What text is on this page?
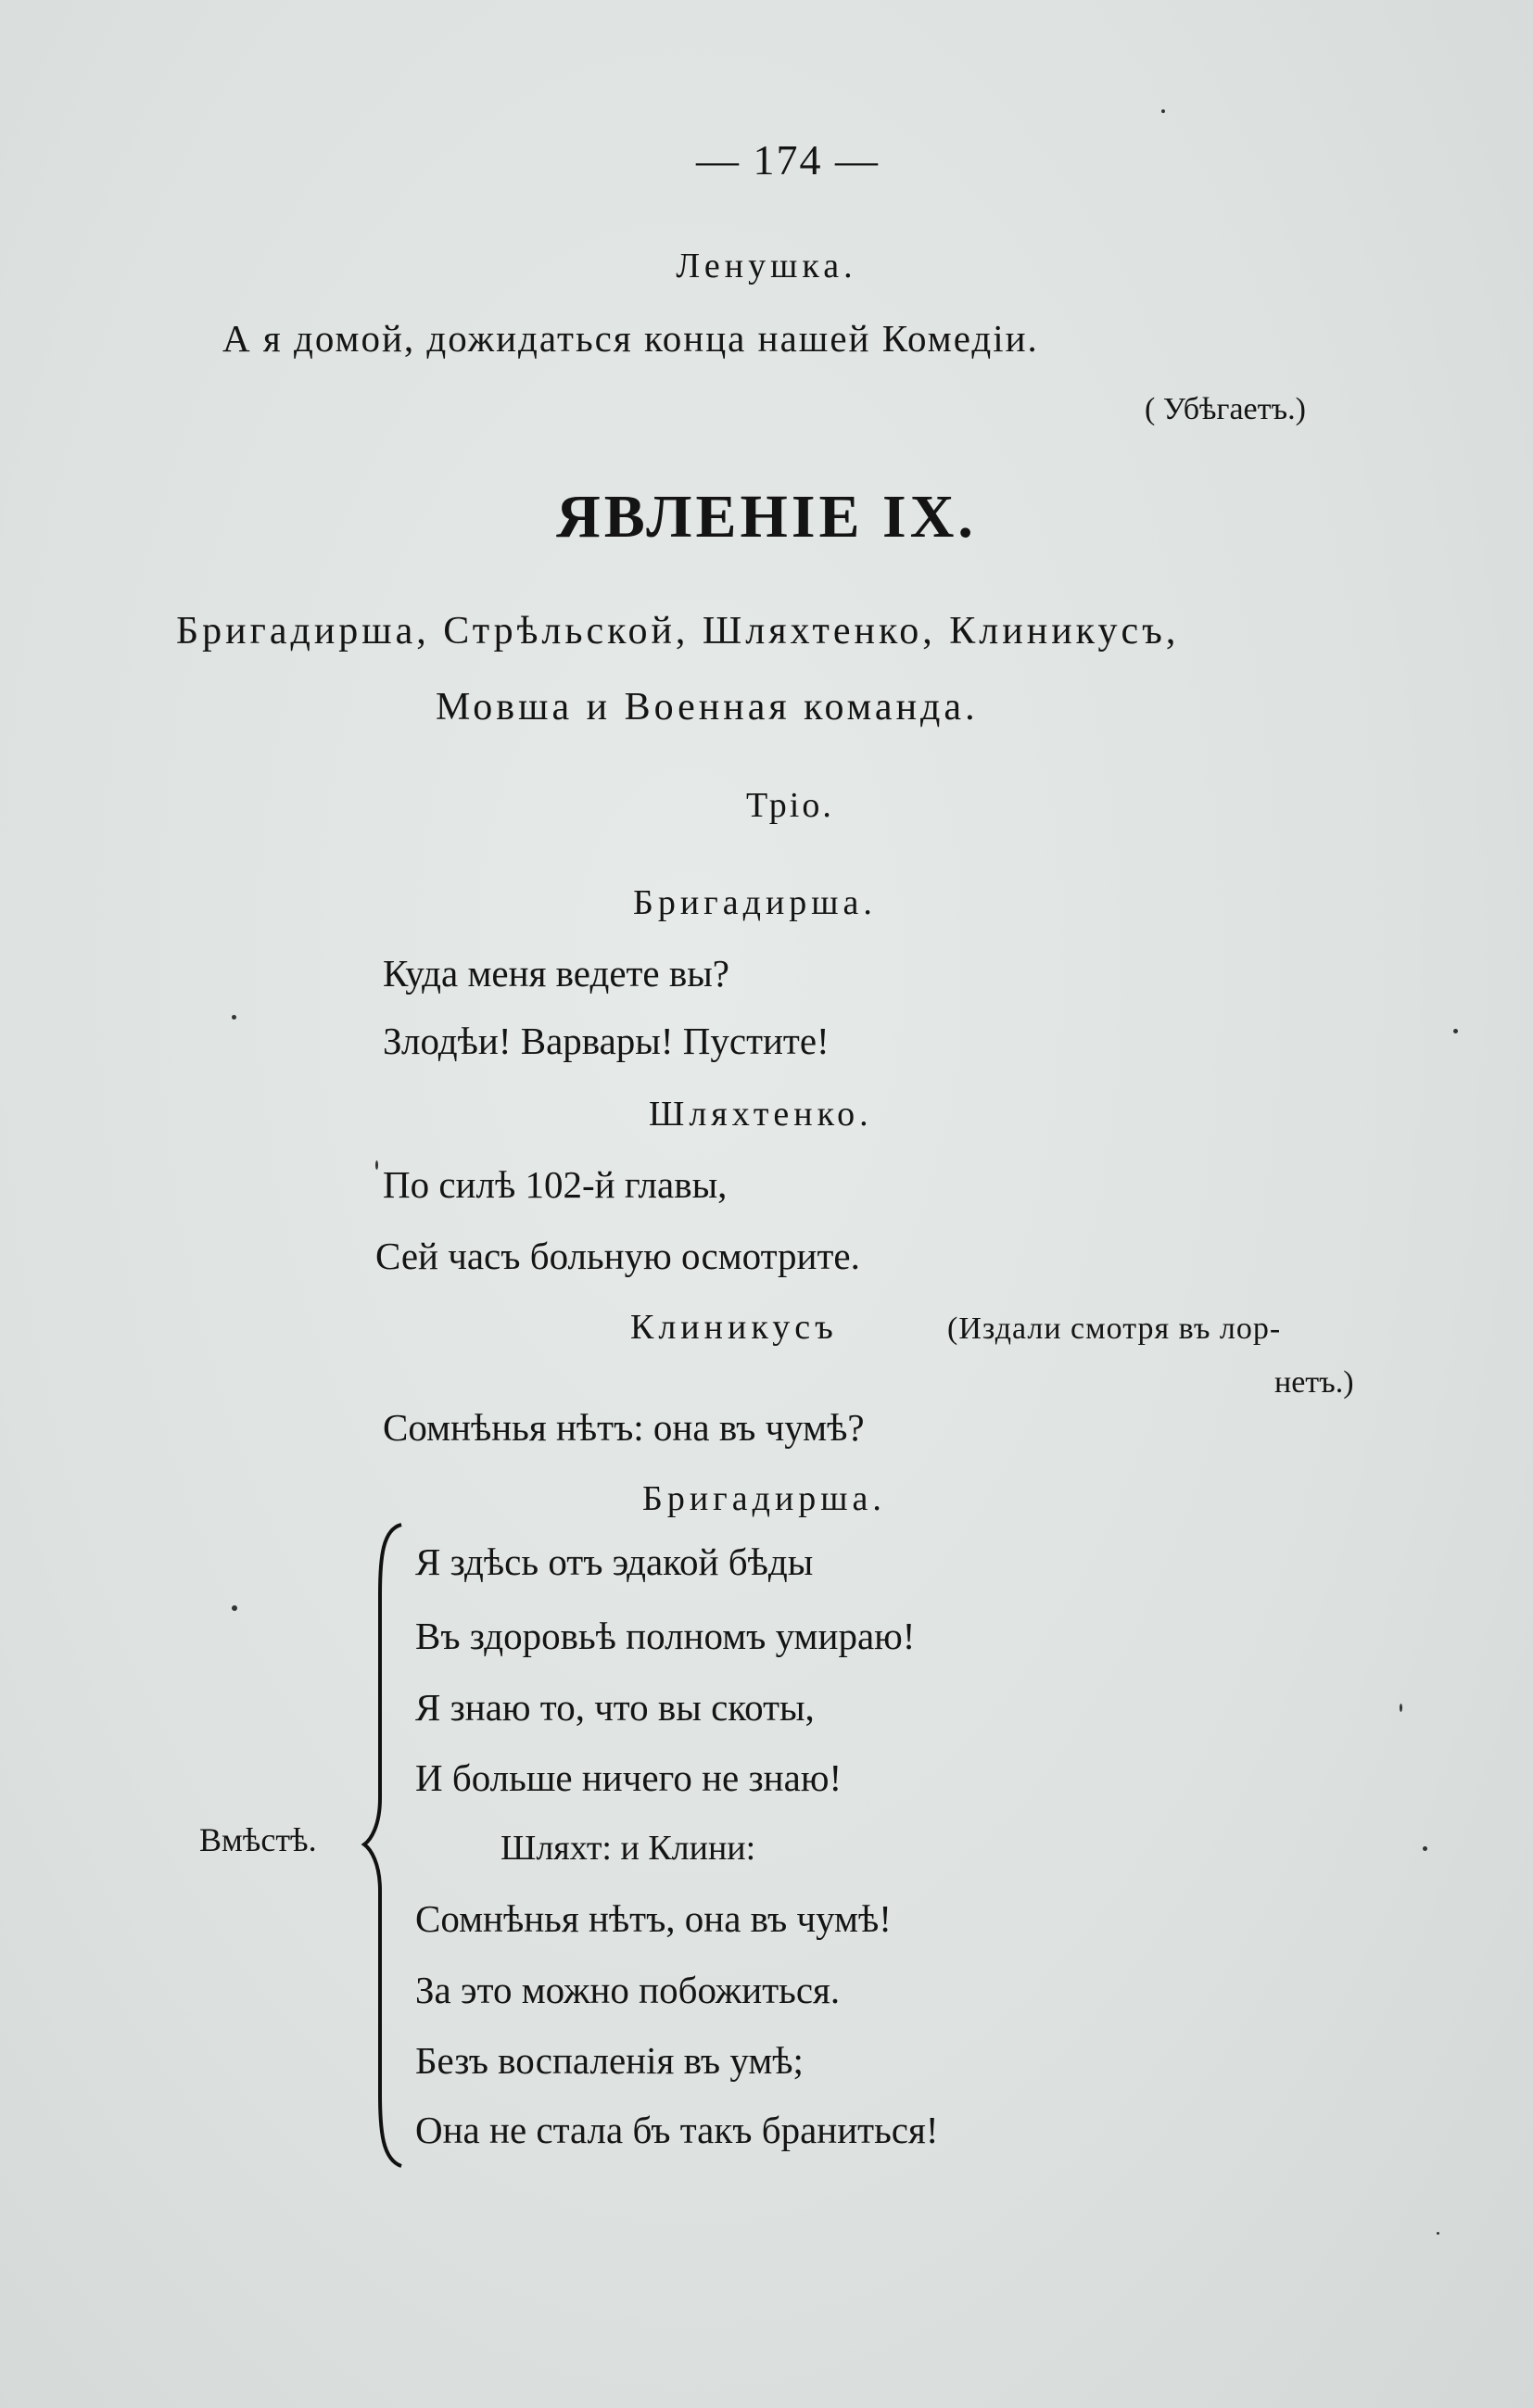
— 174 —
Ленушка.
А я домой, дожидаться конца нашей Комедіи.
( Убѣгаетъ.)
ЯВЛЕНІЕ IX.
Бригадирша, Стрѣльской, Шляхтенко, Клиникусъ,
Мовша и Военная команда.
Тріо.
Бригадирша.
Куда меня ведете вы?
Злодѣи! Варвары! Пустите!
Шляхтенко.
По силѣ 102-й главы,
Сей часъ больную осмотрите.
Клиникусъ	(Издали смотря въ лор-
нетъ.)
Сомнѣнья нѣтъ: она въ чумѣ?
Бригадирша.
Вмѣстѣ.
Я здѣсь отъ эдакой бѣды
Въ здоровьѣ полномъ умираю!
Я знаю то, что вы скоты,
И больше ничего не знаю!
Шляхт: и Клини:
Сомнѣнья нѣтъ, она въ чумѣ!
За это можно побожиться.
Безъ воспаленія въ умѣ;
Она не стала бъ такъ браниться!
